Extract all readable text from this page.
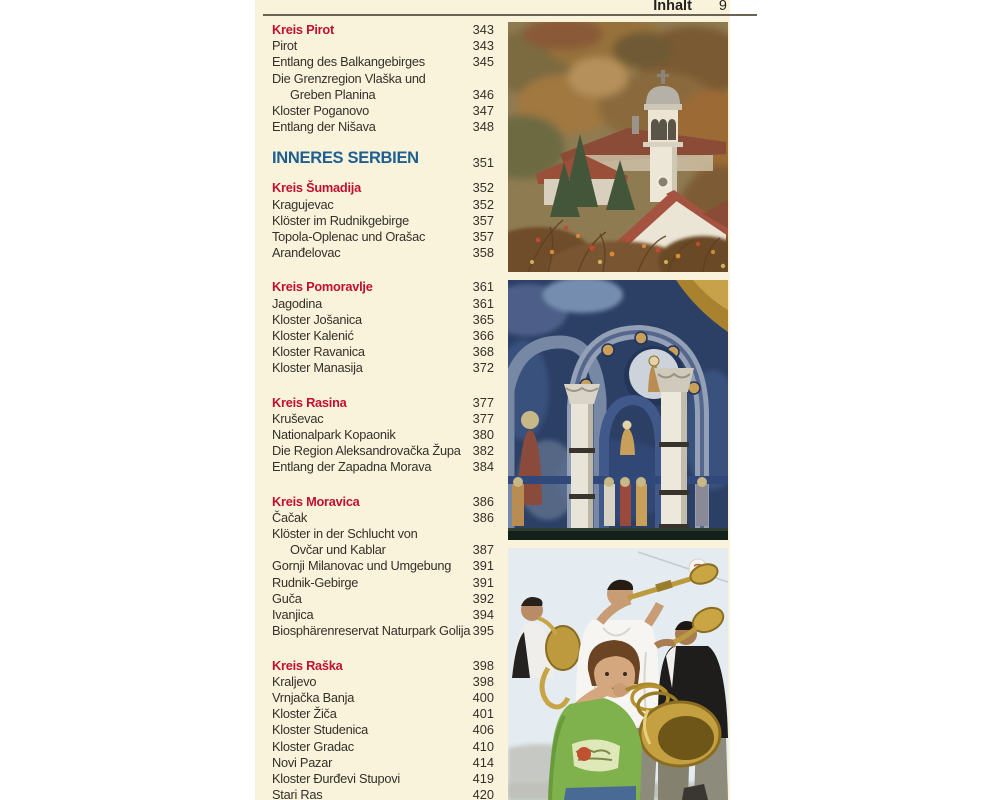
Inhalt 9
Kreis Pirot	343
Pirot	343
Entlang des Balkangebirges	345
Die Grenzregion Vlaška und
Greben Planina	346
Kloster Poganovo	347
Entlang der Nišava	348
INNERES SERBIEN	351
Kreis Šumadija	352
Kragujevac	352
Klöster im Rudnikgebirge	357
Topola-Oplenac und Orašac	357
Aranđelovac	358
Kreis Pomoravlje	361
Jagodina	361
Kloster Jošanica	365
Kloster Kalenić	366
Kloster Ravanica	368
Kloster Manasija	372
Kreis Rasina	377
Kruševac	377
Nationalpark Kopaonik	380
Die Region Aleksandrovačka Župa 382
Entlang der Zapadna Morava	384
Kreis Moravica	386
Čačak	386
Klöster in der Schlucht von
Ovčar und Kablar	387
Gornji Milanovac und Umgebung 391
Rudnik-Gebirge	391
Guča	392
Ivanjica	394
Biosphärenreservat Naturpark Golija 395
Kreis Raška	398
Kraljevo	398
Vrnjačka Banja	400
Kloster Žiča	401
Kloster Studenica	406
Kloster Gradac	410
Novi Pazar	414
Kloster Đurđevi Stupovi	419
Stari Ras	420
